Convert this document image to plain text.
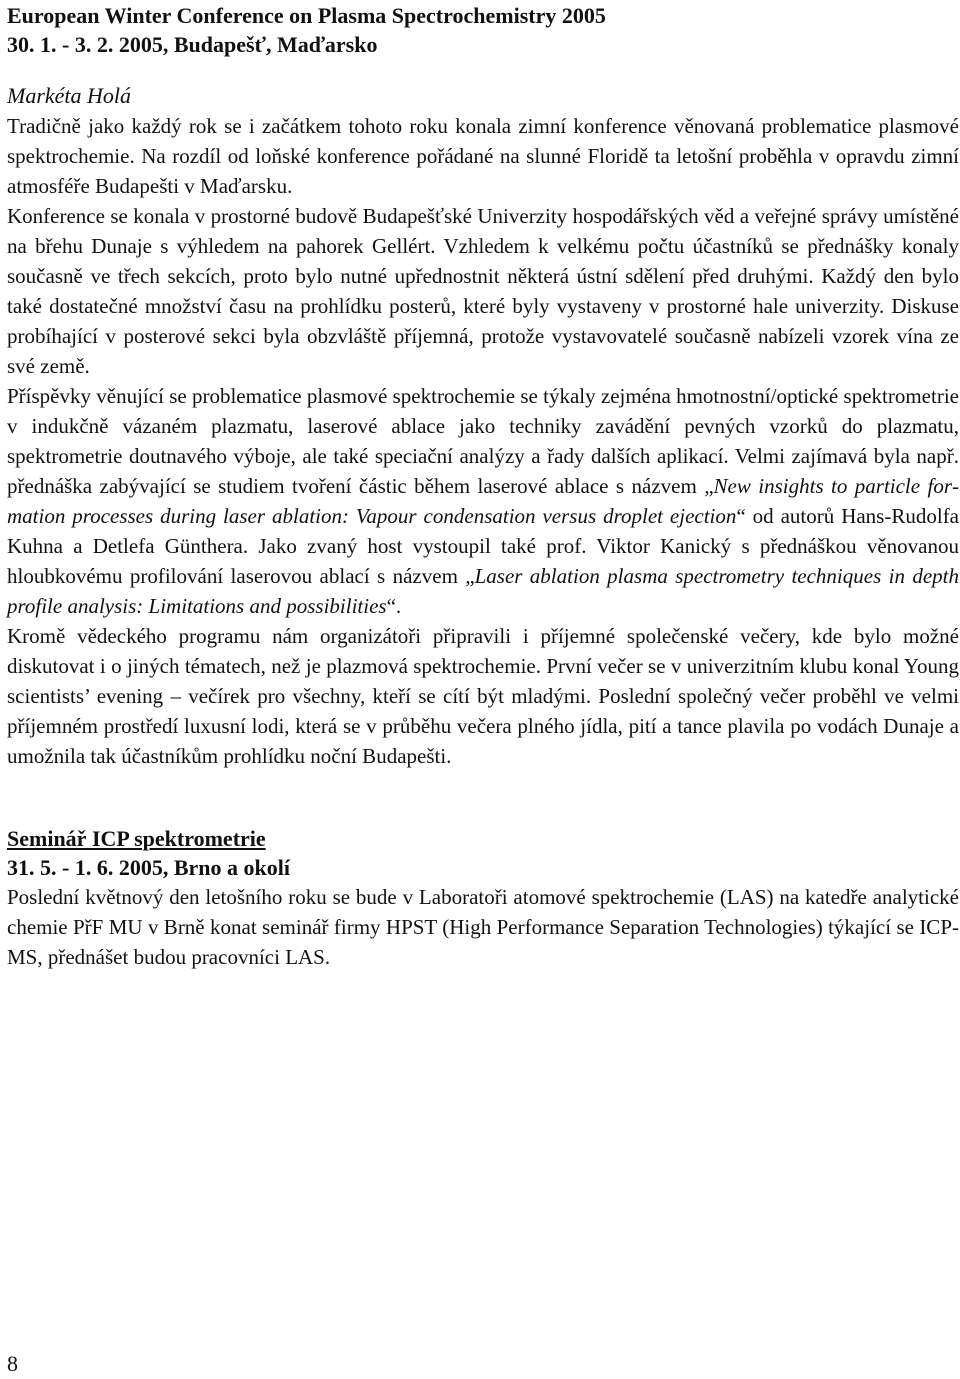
European Winter Conference on Plasma Spectrochemistry 2005
30. 1. - 3. 2. 2005, Budapešť, Maďarsko
Markéta Holá

Tradičně jako každý rok se i začátkem tohoto roku konala zimní konference věnovaná problematice plasmové spektrochemie. Na rozdíl od loňské konference pořádané na slunné Floridě ta letošní proběhla v opravdu zimní atmosféře Budapešti v Maďarsku.

Konference se konala v prostorné budově Budapešťské Univerzity hospodářských věd a veřejné správy umístěné na břehu Dunaje s výhledem na pahorek Gellért. Vzhledem k velkému počtu účastníků se přednášky konaly současně ve třech sekcích, proto bylo nutné upřednostnit některá ústní sdělení před druhými. Každý den bylo také dostatečné množství času na prohlídku posterů, které byly vystaveny v prostorné hale univerzity. Diskuse probíhající v posterové sekci byla obzvláště příjemná, protože vystavovatelé současně nabízeli vzorek vína ze své země.

Příspěvky věnující se problematice plasmové spektrochemie se týkaly zejména hmotnostní/optické spektrometrie v indukčně vázaném plazmatu, laserové ablace jako techniky zavádění pevných vzorků do plazmatu, spektrometrie doutnavého výboje, ale také speciační analýzy a řady dalších aplikací. Velmi zajímavá byla např. přednáška zabývající se studiem tvoření částic během laserové ablace s názvem „New insights to particle formation processes during laser ablation: Vapour condensation versus droplet ejection“ od autorů Hans-Rudolfa Kuhna a Detlefa Günthera. Jako zvaný host vystoupil také prof. Viktor Kanický s přednáškou věnovanou hloubkovému profilování laserovou ablací s názvem „Laser ablation plasma spectrometry techniques in depth profile analysis: Limitations and possibilities“.

Kromě vědeckého programu nám organizátoři připravili i příjemné společenské večery, kde bylo možné diskutovat i o jiných tématech, než je plazmová spektrochemie. První večer se v univerzitním klubu konal Young scientists’ evening – večírek pro všechny, kteří se cítí být mladými. Poslední společný večer proběhl ve velmi příjemném prostředí luxusní lodi, která se v průběhu večera plného jídla, pití a tance plavila po vodách Dunaje a umožnila tak účastníkům prohlídku noční Budapešti.

Seminář ICP spektrometrie
31. 5. - 1. 6. 2005, Brno a okolí

Poslední květnový den letošního roku se bude v Laboratoři atomové spektrochemie (LAS) na katedře analytické chemie PřF MU v Brně konat seminář firmy HPST (High Performance Separation Technologies) týkající se ICP-MS, přednášet budou pracovníci LAS.

8
